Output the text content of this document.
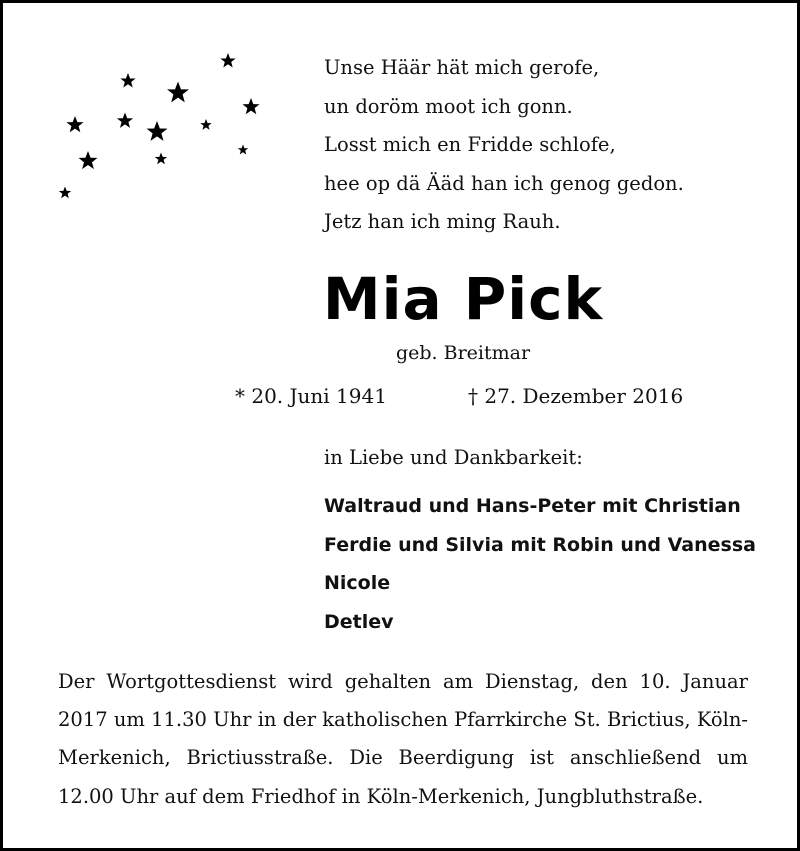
Unse Häär hät mich gerofe,
un doröm moot ich gonn.
Losst mich en Fridde schlofe,
hee op dä Ääd han ich genog gedon.
Jetz han ich ming Rauh.
Mia Pick
geb. Breitmar
* 20. Juni 1941	† 27. Dezember 2016
in Liebe und Dankbarkeit:
Waltraud und Hans-Peter mit Christian
Ferdie und Silvia mit Robin und Vanessa
Nicole
Detlev
Der Wortgottesdienst wird gehalten am Dienstag, den 10. Januar 2017 um 11.30 Uhr in der katholischen Pfarrkirche St. Brictius, Köln-Merkenich, Brictiusstraße. Die Beerdigung ist anschließend um 12.00 Uhr auf dem Friedhof in Köln-Merkenich, Jungbluthstraße.
